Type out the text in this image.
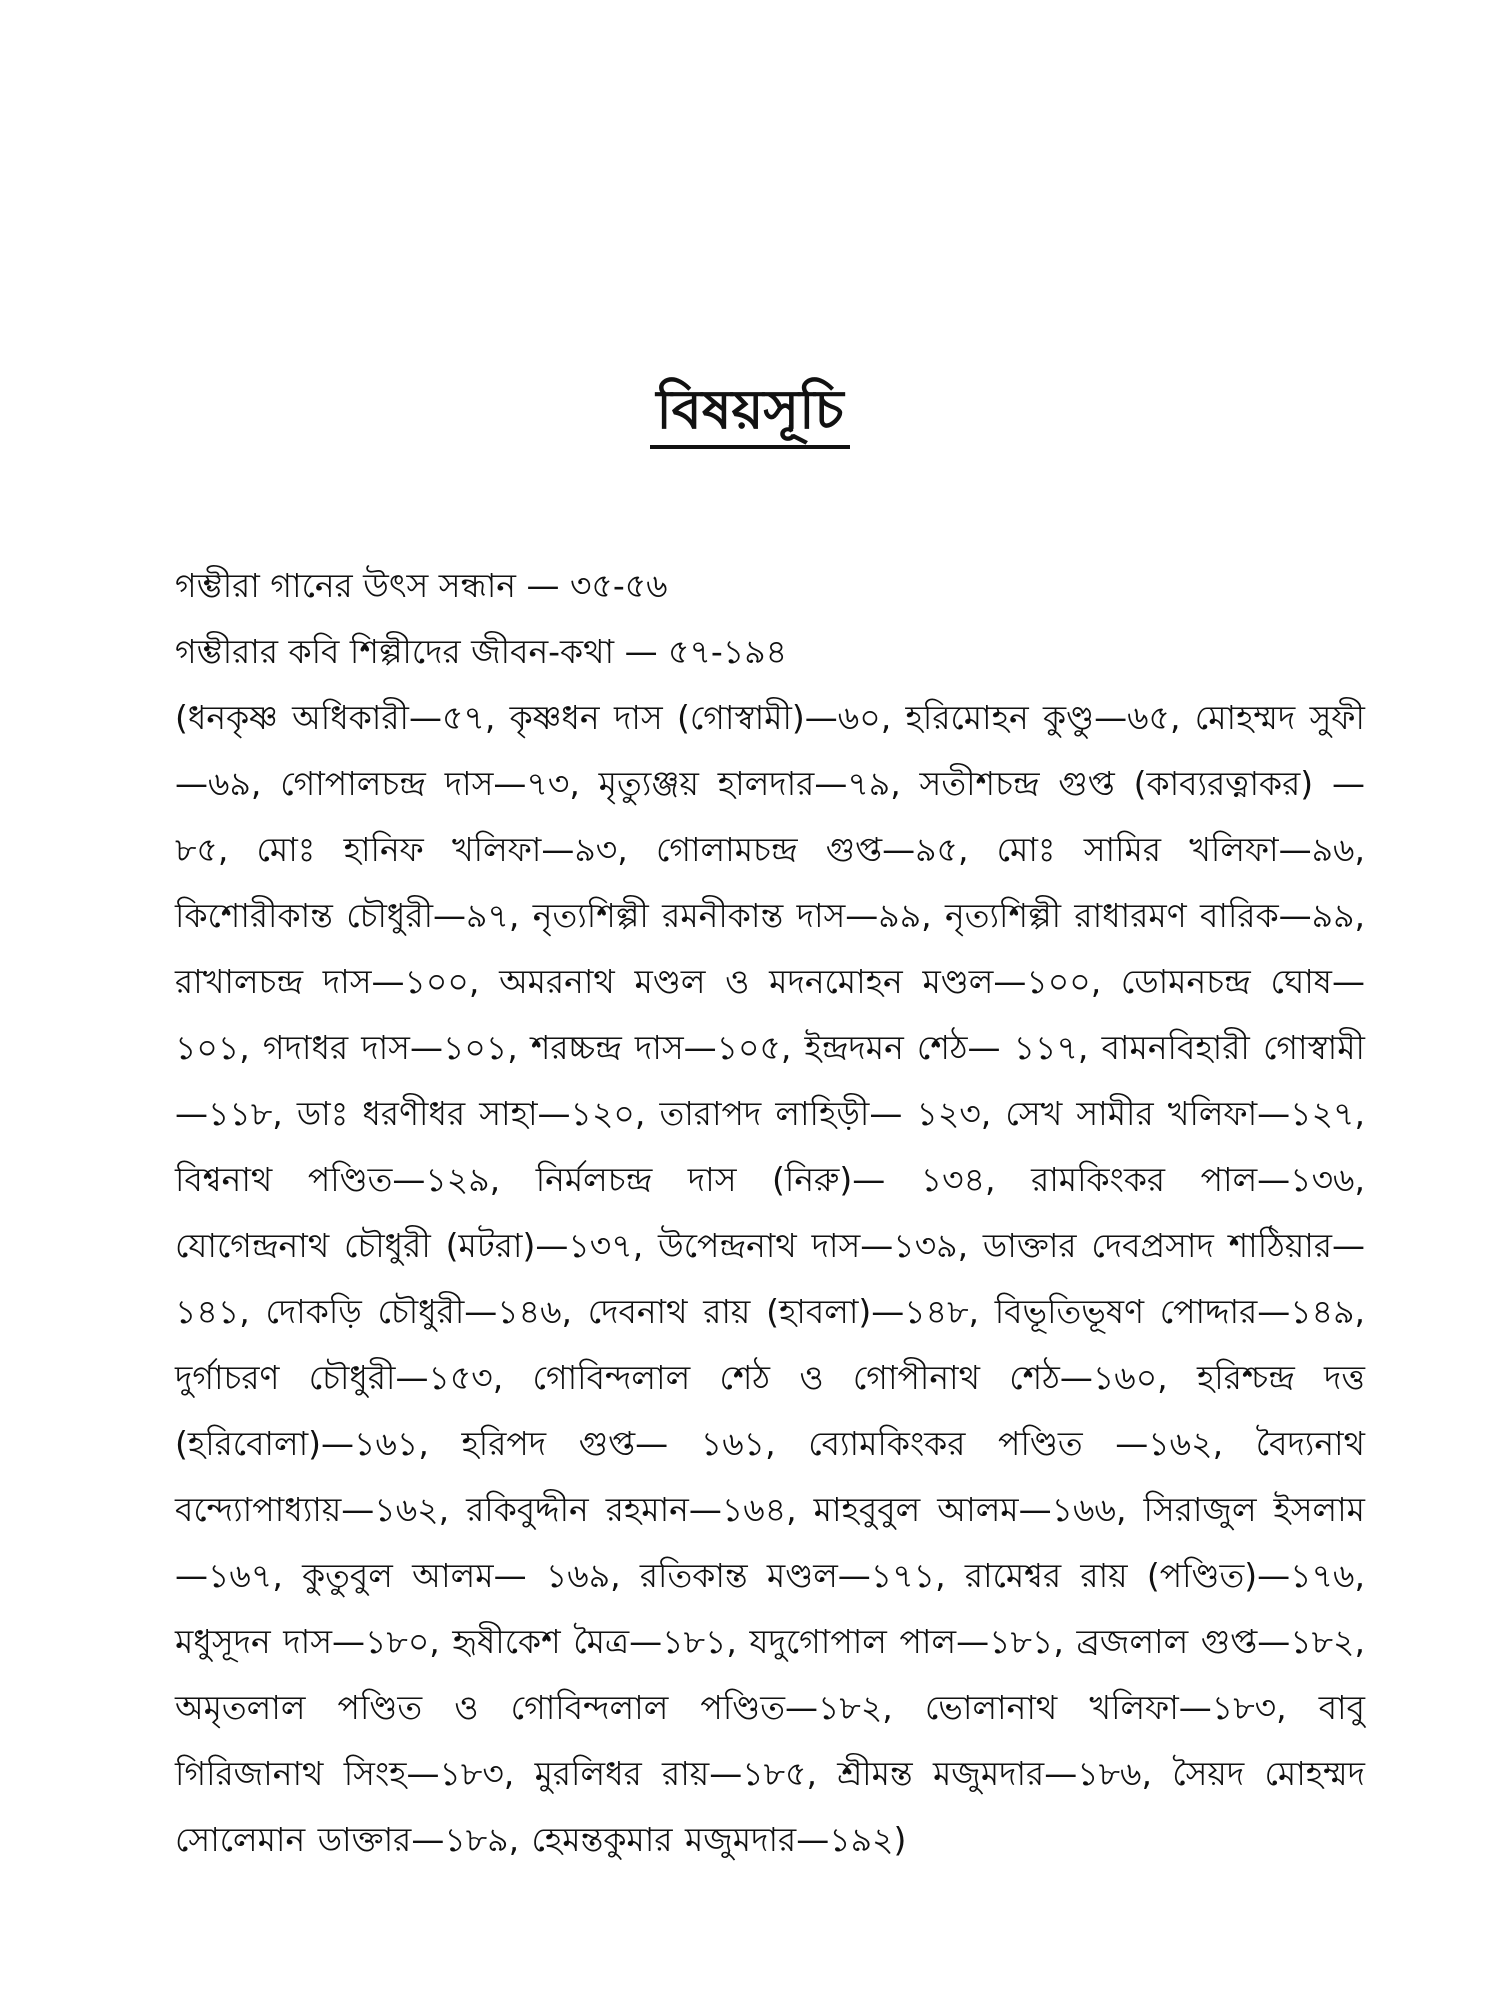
বিষয়সূচি
গম্ভীরা গানের উৎস সন্ধান — ৩৫-৫৬
গম্ভীরার কবি শিল্পীদের জীবন-কথা — ৫৭-১৯৪
(ধনকৃষ্ণ অধিকারী—৫৭, কৃষ্ণধন দাস (গোস্বামী)—৬০, হরিমোহন কুণ্ডু—৬৫, মোহম্মদ সুফী—৬৯, গোপালচন্দ্র দাস—৭৩, মৃত্যুঞ্জয় হালদার—৭৯, সতীশচন্দ্র গুপ্ত (কাব্যরত্নাকর) —৮৫, মোঃ হানিফ খলিফা—৯৩, গোলামচন্দ্র গুপ্ত—৯৫, মোঃ সামির খলিফা—৯৬, কিশোরীকান্ত চৌধুরী—৯৭, নৃত্যশিল্পী রমনীকান্ত দাস—৯৯, নৃত্যশিল্পী রাধারমণ বারিক—৯৯, রাখালচন্দ্র দাস—১০০, অমরনাথ মণ্ডল ও মদনমোহন মণ্ডল—১০০, ডোমনচন্দ্র ঘোষ—১০১, গদাধর দাস—১০১, শরচ্চন্দ্র দাস—১০৫, ইন্দ্রদমন শেঠ— ১১৭, বামনবিহারী গোস্বামী—১১৮, ডাঃ ধরণীধর সাহা—১২০, তারাপদ লাহিড়ী— ১২৩, সেখ সামীর খলিফা—১২৭, বিশ্বনাথ পণ্ডিত—১২৯, নির্মলচন্দ্র দাস (নিরু)— ১৩৪, রামকিংকর পাল—১৩৬, যোগেন্দ্রনাথ চৌধুরী (মটরা)—১৩৭, উপেন্দ্রনাথ দাস—১৩৯, ডাক্তার দেবপ্রসাদ শাঠিয়ার—১৪১, দোকড়ি চৌধুরী—১৪৬, দেবনাথ রায় (হাবলা)—১৪৮, বিভূতিভূষণ পোদ্দার—১৪৯, দুর্গাচরণ চৌধুরী—১৫৩, গোবিন্দলাল শেঠ ও গোপীনাথ শেঠ—১৬০, হরিশ্চন্দ্র দত্ত (হরিবোলা)—১৬১, হরিপদ গুপ্ত— ১৬১, ব্যোমকিংকর পণ্ডিত —১৬২, বৈদ্যনাথ বন্দ্যোপাধ্যায়—১৬২, রকিবুদ্দীন রহমান—১৬৪, মাহবুবুল আলম—১৬৬, সিরাজুল ইসলাম—১৬৭, কুতুবুল আলম— ১৬৯, রতিকান্ত মণ্ডল—১৭১, রামেশ্বর রায় (পণ্ডিত)—১৭৬, মধুসূদন দাস—১৮০, হৃষীকেশ মৈত্র—১৮১, যদুগোপাল পাল—১৮১, ব্রজলাল গুপ্ত—১৮২, অমৃতলাল পণ্ডিত ও গোবিন্দলাল পণ্ডিত—১৮২, ভোলানাথ খলিফা—১৮৩, বাবু গিরিজানাথ সিংহ—১৮৩, মুরলিধর রায়—১৮৫, শ্রীমন্ত মজুমদার—১৮৬, সৈয়দ মোহম্মদ সোলেমান ডাক্তার—১৮৯, হেমন্তকুমার মজুমদার—১৯২)
